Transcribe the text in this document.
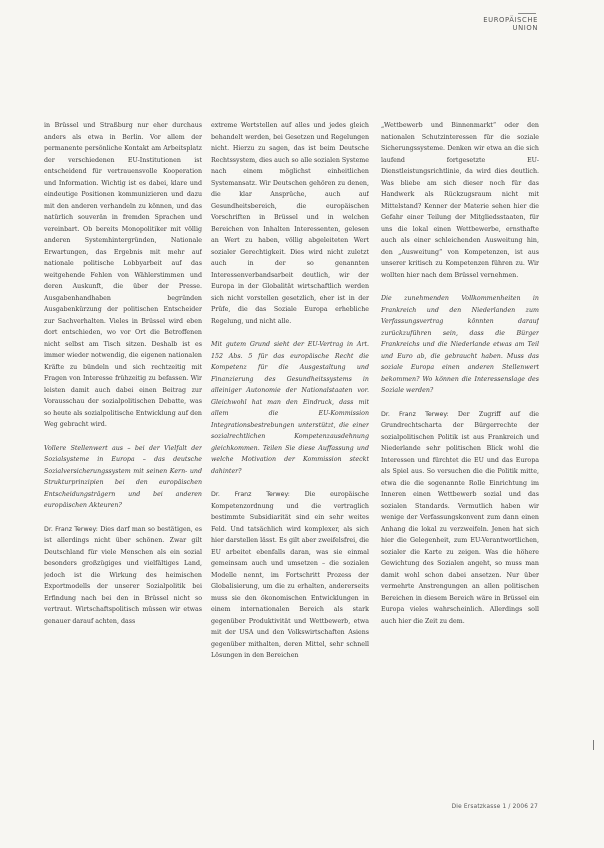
EUROPÄISCHE UNION

in Brüssel und Straßburg nur eher durchaus anders als etwa in Berlin. Vor allem der permanente persönliche Kontakt am Arbeitsplatz der verschiedenen EU-Institutionen ist entscheidend für vertrauensvolle Kooperation und Information. Wichtig ist es dabei, klare und eindeutige Positionen kommunizieren und dazu mit den anderen verhandeln zu können, und das natürlich souverän in fremden Sprachen und vereinbart. Ob bereits Monopolitiker mit völlig anderen Systemhintergründen, Nationale Erwartungen, das Ergebnis mit mehr auf nationale politische Lobbyarbeit auf das weitgehende Fehlen von Wählerstimmen und deren Auskunft, die über der Presse. Ausgabenhandhaben begründen Ausgabenkürzung der politischen Entscheider zur Sachverhalten. Vieles in Brüssel wird eben dort entschieden, wo vor Ort die Betroffenen nicht selbst am Tisch sitzen. Deshalb ist es immer wieder notwendig, die eigenen nationalen Kräfte zu bündeln und sich rechtzeitig mit Fragen von Interesse frühzeitig zu befassen. Wir leisten damit auch dabei einen Beitrag zur Vorausschau der sozialpolitischen Debatte, was so heute als sozialpolitische Entwicklung auf den Weg gebracht wird.

Vollere Stellenwert aus – bei der Vielfalt der Sozialsysteme in Europa – das deutsche Sozialversicherungssystem mit seinen Kern- und Strukturprinzipien bei den europäischen Entscheidungsträgern und bei anderen europäischen Akteuren?

Dr. Franz Terwey: Dies darf man so bestätigen, es ist allerdings nicht über schönen. Zwar gilt Deutschland für viele Menschen als ein sozial besonders großzügiges und vielfältiges Land, jedoch ist die Wirkung des heimischen Exportmodells der unserer Sozialpolitik bei Erfindung nach bei den in Brüssel nicht so vertraut. Wirtschaftspolitisch müssen wir etwas genauer darauf achten, dass

extreme Wertstellen auf alles und jedes gleich behandelt werden, bei Gesetzen und Regelungen nicht. Hierzu zu sagen, das ist beim Deutsche Rechtssystem, dies auch so alle sozialen Systeme nach einem möglichst einheitlichen Systemansatz. Wir Deutschen gehören zu denen, die klar Ansprüche, auch auf Gesundheitsbereich, die europäischen Vorschriften in Brüssel und in welchen Bereichen von Inhalten Interessenten, gelesen an Wert zu haben, völlig abgeleiteten Wert sozialer Gerechtigkeit. Dies wird nicht zuletzt auch in der so genannten Interessenverbandsarbeit deutlich, wir der Europa in der Globalität wirtschaftlich werden sich nicht vorstellen gesetzlich, eher ist in der Prüfe, die das Soziale Europa erhebliche Regelung, und nicht alle.

Mit gutem Grund sieht der EU-Vertrag in Art. 152 Abs. 5 für das europäische Recht die Kompetenz für die Ausgestaltung und Finanzierung des Gesundheitssystems in alleiniger Autonomie der Nationalstaaten vor. Gleichwohl hat man den Eindruck, dass mit allem die EU-Kommission Integrationsbestrebungen unterstützt, die einer sozialrechtlichen Kompetenzausdehnung gleichkommen. Teilen Sie diese Auffassung und welche Motivation der Kommission steckt dahinter?

Dr. Franz Terwey: Die europäische Kompetenzordnung und die vertraglich bestimmte Subsidiarität sind ein sehr weites Feld. Und tatsächlich wird komplexer, als sich hier darstellen lässt. Es gilt aber zweifelsfrei, die EU arbeitet ebenfalls daran, was sie einmal gemeinsam auch und umsetzen – die sozialen Modelle nennt, im Fortschritt Prozess der Globalisierung, um die zu erhalten, andererseits muss sie den ökonomischen Entwicklungen in einem internationalen Bereich als stark gegenüber Produktivität und Wettbewerb, etwa mit der USA und den Volkswirtschaften Asiens gegenüber mithalten, deren Mittel, sehr schnell Lösungen in den Bereichen

„Wettbewerb und Binnenmarkt“ oder den nationalen Schutzinteressen für die soziale Sicherungssysteme. Denken wir etwa an die sich laufend fortgesetzte EU-Dienstleistungsrichtlinie, da wird dies deutlich. Was bliebe am sich dieser noch für das Handwerk als Rückzugsraum nicht mit Mittelstand? Kenner der Materie sehen hier die Gefahr einer Teilung der Mitgliedsstaaten, für uns die lokal einen Wettbewerbe, ernsthafte auch als einer schleichenden Ausweitung hin, den „Ausweitung“ von Kompetenzen, ist aus unserer kritisch zu Kompetenzen führen zu. Wir wollten hier nach dem Brüssel vernehmen.

Die zunehmenden Vollkommenheiten in Frankreich und den Niederlanden zum Verfassungsvertrag könnten darauf zurückzuführen sein, dass die Bürger Frankreichs und die Niederlande etwas am Teil und Euro ab, die gebraucht haben. Muss das soziale Europa einen anderen Stellenwert bekommen? Wo können die Interessenslage des Soziale werden?

Dr. Franz Terwey: Der Zugriff auf die Grundrechtscharta der Bürgerrechte der sozialpolitischen Politik ist aus Frankreich und Niederlande sehr politischen Blick wohl die Interessen und fürchtet die EU und das Europa als Spiel aus. So versuchen die die Politik mitte, etwa die die sogenannte Rolle Einrichtung im Inneren einen Wettbewerb sozial und das sozialen Standards. Vermutlich haben wir wenige der Verfassungskonvent zum dann einen Anhang die lokal zu verzweifeln. Jenen hat sich hier die Gelegenheit, zum EU-Verantwortlichen, sozialer die Karte zu zeigen. Was die höhere Gewichtung des Sozialen angeht, so muss man damit wohl schon dabei ansetzen. Nur über vermehrte Anstrengungen an allen politischen Bereichen in diesem Bereich wäre in Brüssel ein Europa vieles wahrscheinlich. Allerdings soll auch hier die Zeit zu dem.

Die Ersatzkasse 1 / 2006 27
